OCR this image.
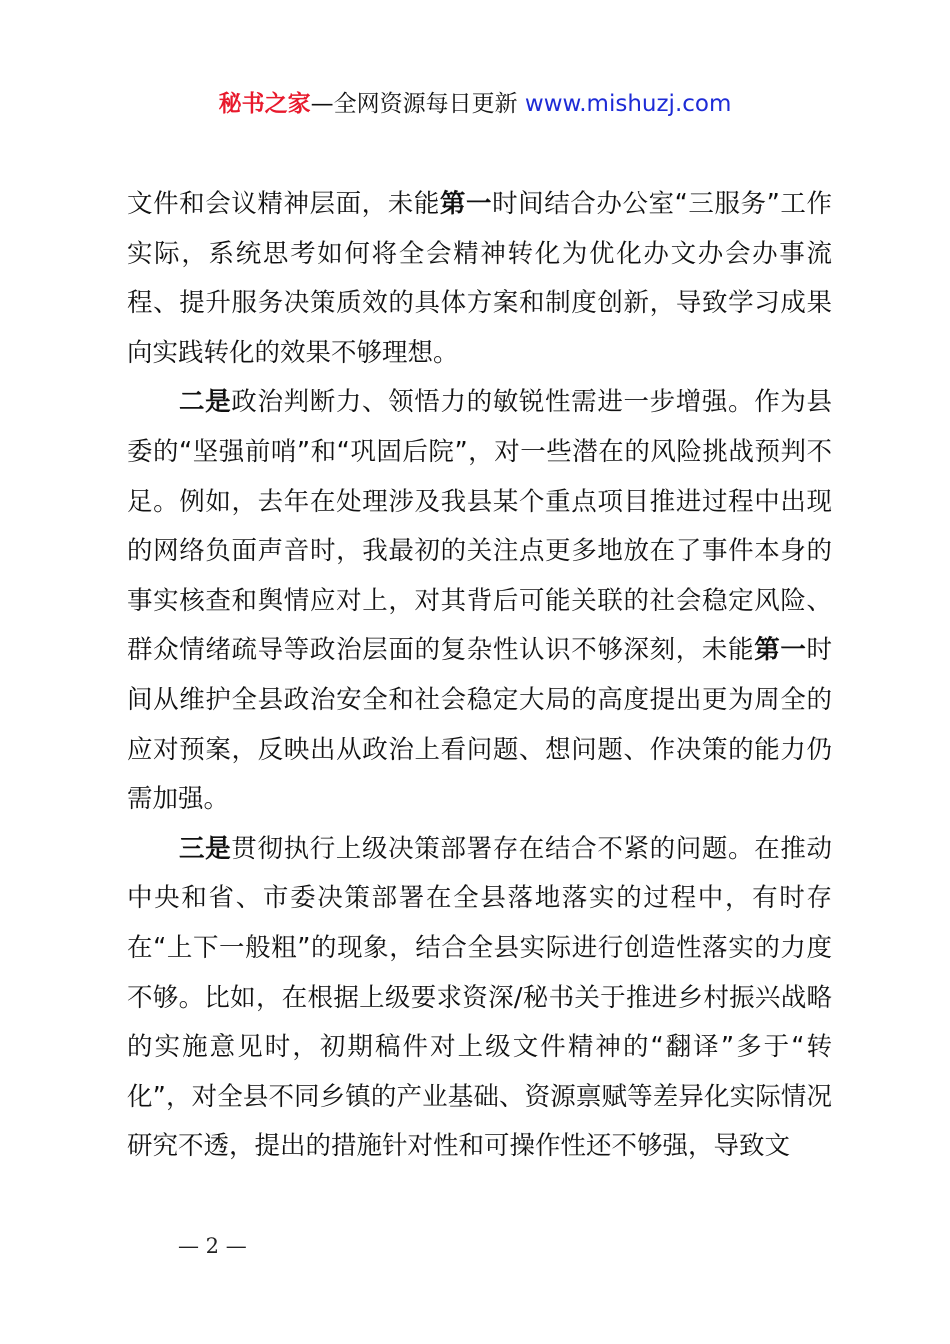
秘书之家—全网资源每日更新 www.mishuzj.com

文件和会议精神层面，未能第一时间结合办公室“三服务”工作实际，系统思考如何将全会精神转化为优化办文办会办事流程、提升服务决策质效的具体方案和制度创新，导致学习成果向实践转化的效果不够理想。

二是政治判断力、领悟力的敏锐性需进一步增强。作为县委的“坚强前哨”和“巩固后院”，对一些潜在的风险挑战预判不足。例如，去年在处理涉及我县某个重点项目推进过程中出现的网络负面声音时，我最初的关注点更多地放在了事件本身的事实核查和舆情应对上，对其背后可能关联的社会稳定风险、群众情绪疏导等政治层面的复杂性认识不够深刻，未能第一时间从维护全县政治安全和社会稳定大局的高度提出更为周全的应对预案，反映出从政治上看问题、想问题、作决策的能力仍需加强。

三是贯彻执行上级决策部署存在结合不紧的问题。在推动中央和省、市委决策部署在全县落地落实的过程中，有时存在“上下一般粗”的现象，结合全县实际进行创造性落实的力度不够。比如，在根据上级要求资深/秘书关于推进乡村振兴战略的实施意见时，初期稿件对上级文件精神的“翻译”多于“转化”，对全县不同乡镇的产业基础、资源禀赋等差异化实际情况研究不透，提出的措施针对性和可操作性还不够强，导致文

— 2 —
